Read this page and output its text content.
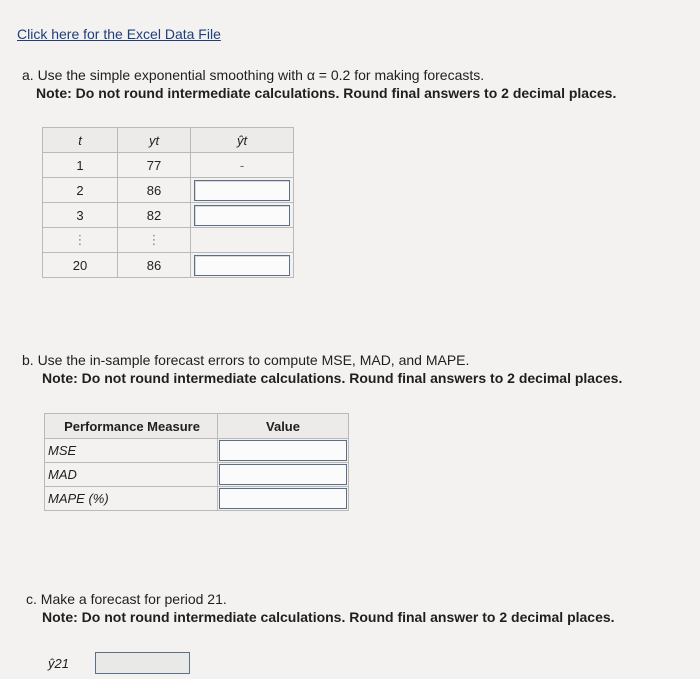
Click here for the Excel Data File
a. Use the simple exponential smoothing with α = 0.2 for making forecasts.
Note: Do not round intermediate calculations. Round final answers to 2 decimal places.
t	yt	ŷt
1	77	-
2	86	

3	82	

⋮	⋮	
20	86	
b. Use the in-sample forecast errors to compute MSE, MAD, and MAPE.
Note: Do not round intermediate calculations. Round final answers to 2 decimal places.
Performance Measure	Value
MSE	

MAD	

MAPE (%)	
c. Make a forecast for period 21.
Note: Do not round intermediate calculations. Round final answer to 2 decimal places.
ŷ21
